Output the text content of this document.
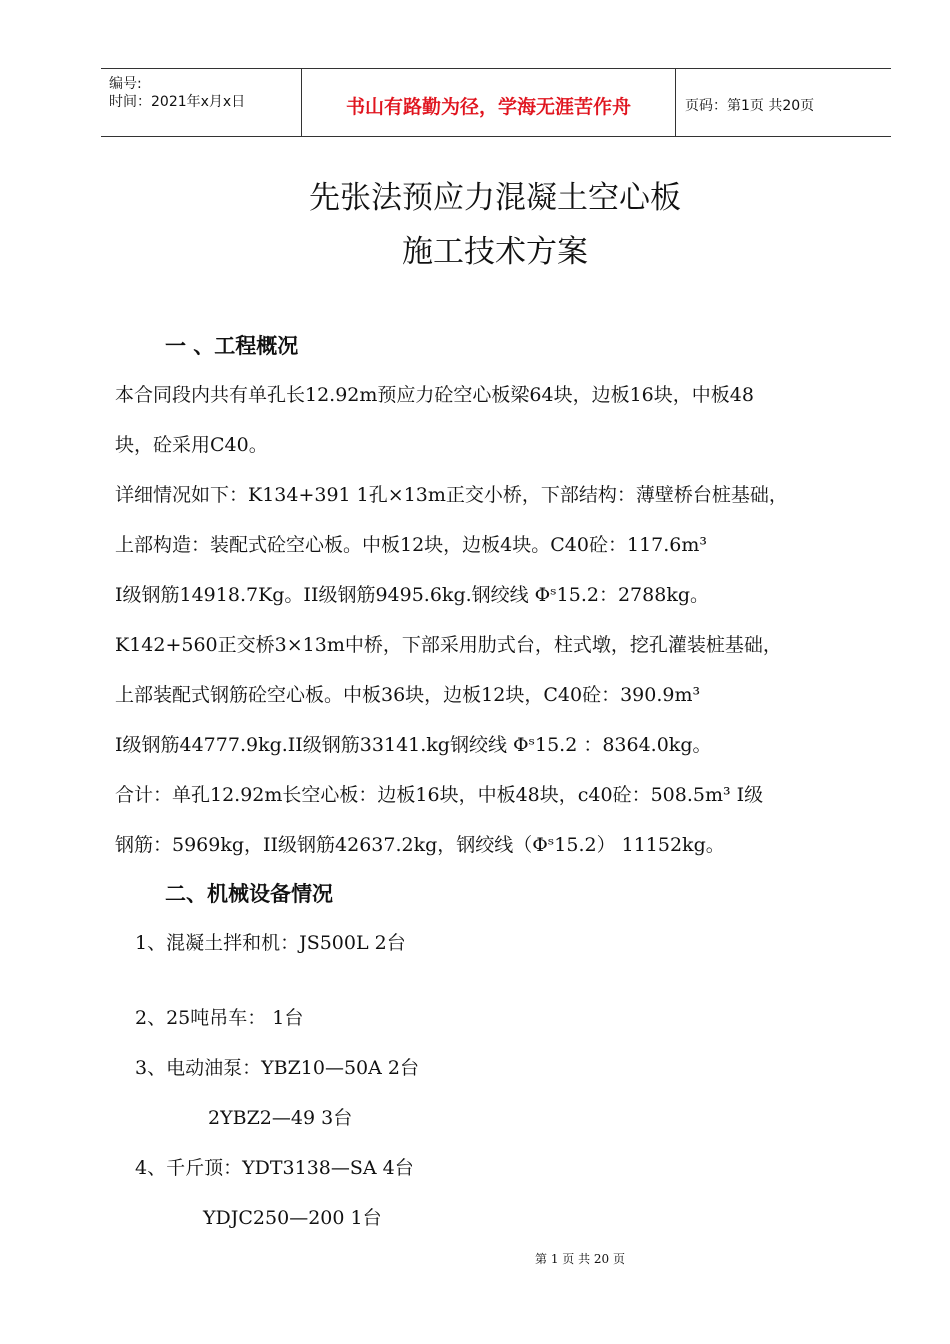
编号:
时间：2021年x月x日	书山有路勤为径，学海无涯苦作舟	页码：第1页 共20页
先张法预应力混凝土空心板
施工技术方案
一 、工程概况
本合同段内共有单孔长12.92m预应力砼空心板梁64块，边板16块，中板48
块，砼采用C40。
详细情况如下：K134+391 1孔×13m正交小桥，下部结构：薄壁桥台桩基础，
上部构造：装配式砼空心板。中板12块，边板4块。C40砼：117.6m³
I级钢筋14918.7Kg。II级钢筋9495.6kg.钢绞线 Φˢ15.2：2788kg。
K142+560正交桥3×13m中桥，下部采用肋式台，柱式墩，挖孔灌装桩基础，
上部装配式钢筋砼空心板。中板36块，边板12块，C40砼：390.9m³
I级钢筋44777.9kg.II级钢筋33141.kg钢绞线 Φˢ15.2 ：8364.0kg。
合计：单孔12.92m长空心板：边板16块，中板48块，c40砼：508.5m³ I级
钢筋：5969kg，II级钢筋42637.2kg，钢绞线（Φˢ15.2） 11152kg。
二、机械设备情况
1、混凝土拌和机：JS500L 2台
2、25吨吊车： 1台
3、电动油泵：YBZ10—50A 2台
2YBZ2—49 3台
4、千斤顶：YDT3138—SA 4台
YDJC250—200 1台
第 1 页 共 20 页
